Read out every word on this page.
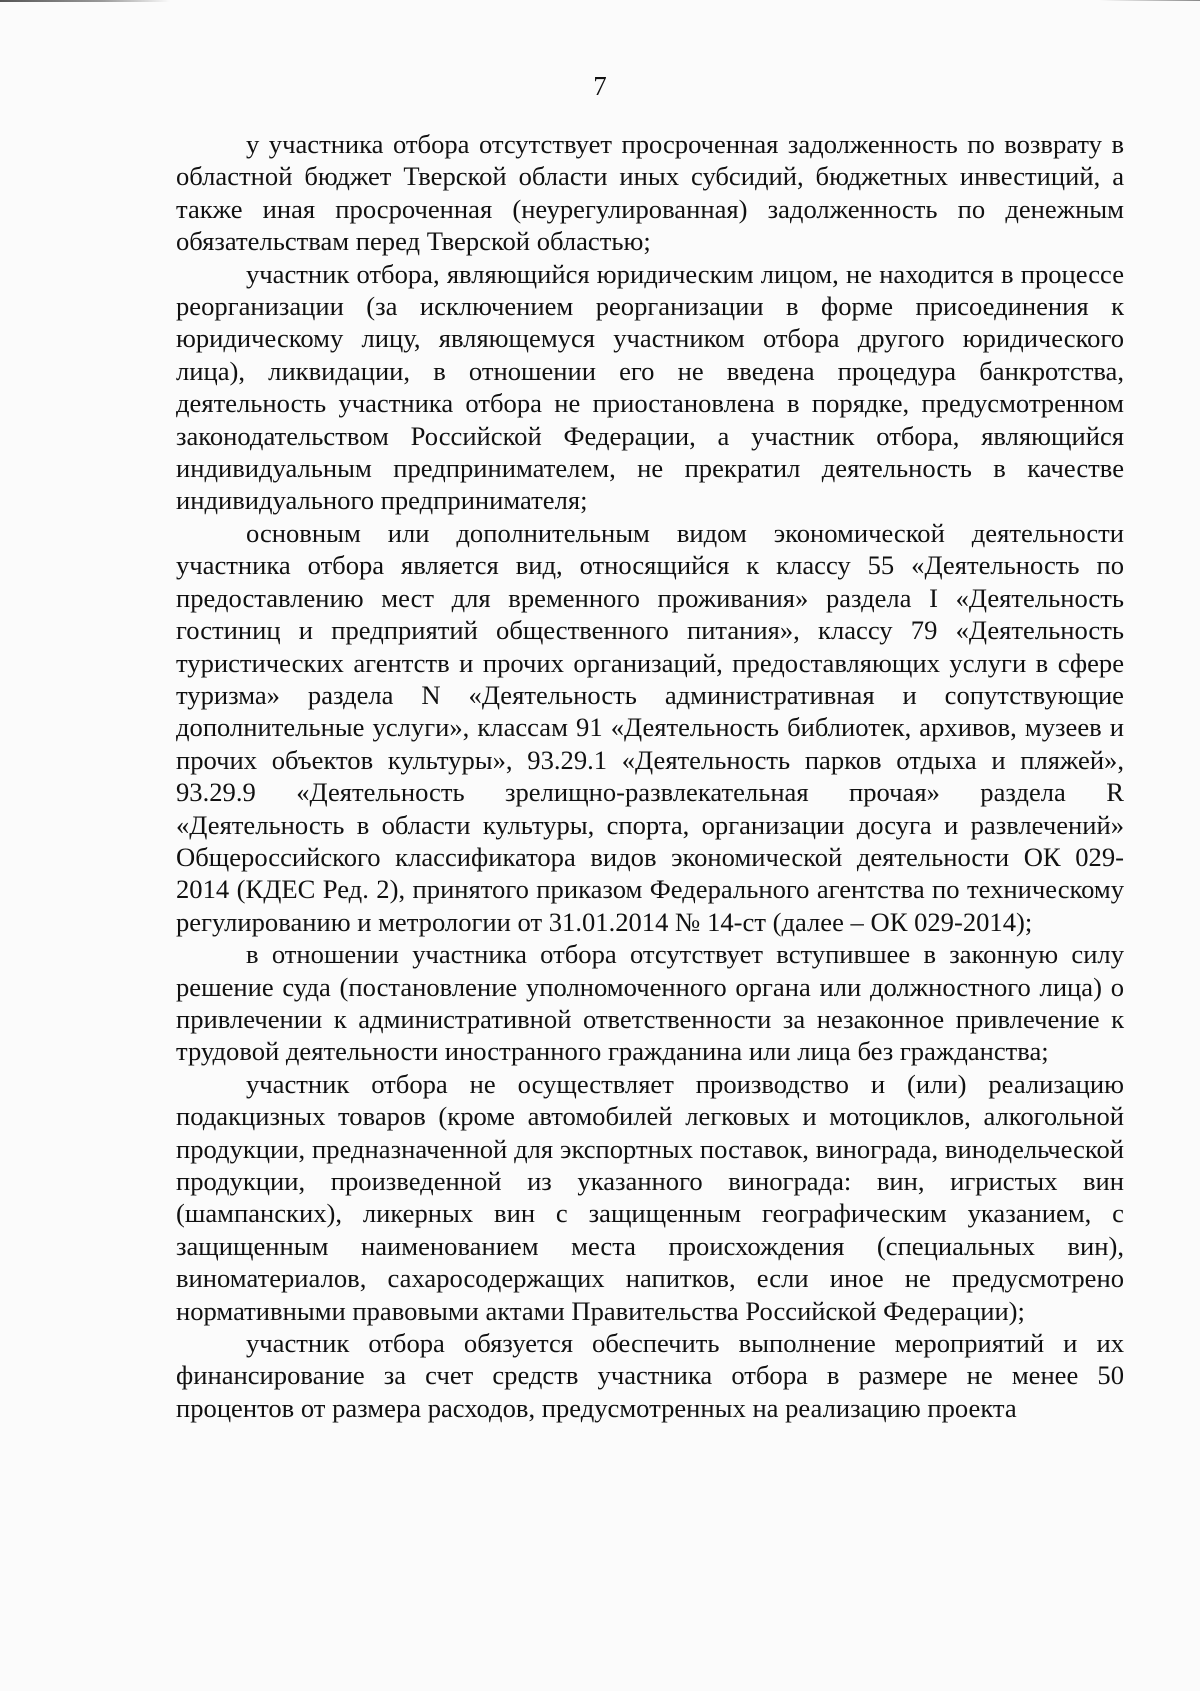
7

у участника отбора отсутствует просроченная задолженность по возврату в областной бюджет Тверской области иных субсидий, бюджетных инвестиций, а также иная просроченная (неурегулированная) задолженность по денежным обязательствам перед Тверской областью;

участник отбора, являющийся юридическим лицом, не находится в процессе реорганизации (за исключением реорганизации в форме присоединения к юридическому лицу, являющемуся участником отбора другого юридического лица), ликвидации, в отношении его не введена процедура банкротства, деятельность участника отбора не приостановлена в порядке, предусмотренном законодательством Российской Федерации, а участник отбора, являющийся индивидуальным предпринимателем, не прекратил деятельность в качестве индивидуального предпринимателя;

основным или дополнительным видом экономической деятельности участника отбора является вид, относящийся к классу 55 «Деятельность по предоставлению мест для временного проживания» раздела I «Деятельность гостиниц и предприятий общественного питания», классу 79 «Деятельность туристических агентств и прочих организаций, предоставляющих услуги в сфере туризма» раздела N «Деятельность административная и сопутствующие дополнительные услуги», классам 91 «Деятельность библиотек, архивов, музеев и прочих объектов культуры», 93.29.1 «Деятельность парков отдыха и пляжей», 93.29.9 «Деятельность зрелищно-развлекательная прочая» раздела R «Деятельность в области культуры, спорта, организации досуга и развлечений» Общероссийского классификатора видов экономической деятельности ОК 029-2014 (КДЕС Ред. 2), принятого приказом Федерального агентства по техническому регулированию и метрологии от 31.01.2014 № 14-ст (далее – ОК 029-2014);

в отношении участника отбора отсутствует вступившее в законную силу решение суда (постановление уполномоченного органа или должностного лица) о привлечении к административной ответственности за незаконное привлечение к трудовой деятельности иностранного гражданина или лица без гражданства;

участник отбора не осуществляет производство и (или) реализацию подакцизных товаров (кроме автомобилей легковых и мотоциклов, алкогольной продукции, предназначенной для экспортных поставок, винограда, винодельческой продукции, произведенной из указанного винограда: вин, игристых вин (шампанских), ликерных вин с защищенным географическим указанием, с защищенным наименованием места происхождения (специальных вин), виноматериалов, сахаросодержащих напитков, если иное не предусмотрено нормативными правовыми актами Правительства Российской Федерации);

участник отбора обязуется обеспечить выполнение мероприятий и их финансирование за счет средств участника отбора в размере не менее 50 процентов от размера расходов, предусмотренных на реализацию проекта
